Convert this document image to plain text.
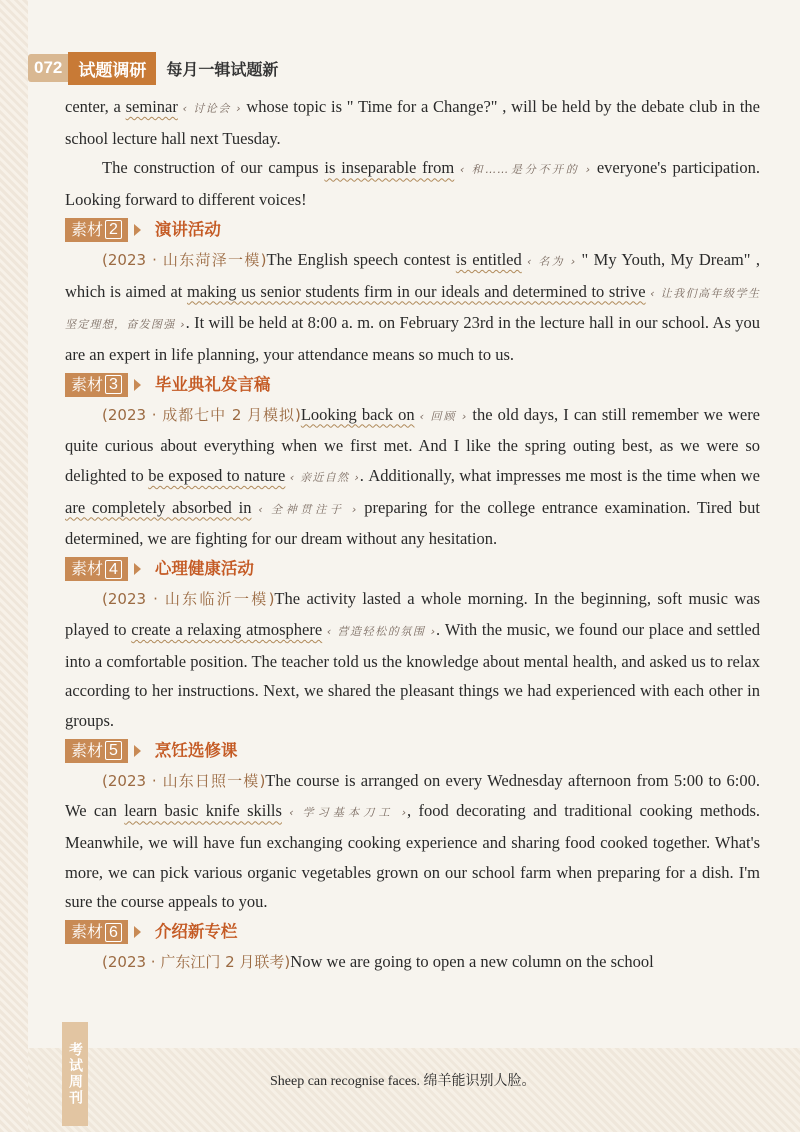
072 试题调研	每月一辑试题新

center, a seminar ‹ 讨论会 › whose topic is " Time for a Change?" , will be held by the debate club in the school lecture hall next Tuesday.

The construction of our campus is inseparable from ‹ 和……是分不开的 › everyone's participation. Looking forward to different voices!

素材 2 演讲活动

( 2023 · 山东菏泽一模 ) The English speech contest is entitled ‹ 名为 › " My Youth, My Dream" , which is aimed at making us senior students firm in our ideals and determined to strive ‹ 让我们高年级学生坚定理想，奋发图强 › . It will be held at 8:00 a. m. on February 23rd in the lecture hall in our school. As you are an expert in life planning, your attendance means so much to us.

素材 3 毕业典礼发言稿

( 2023 · 成都七中 2 月模拟 ) Looking back on ‹ 回顾 › the old days, I can still remember we were quite curious about everything when we first met. And I like the spring outing best, as we were so delighted to be exposed to nature ‹ 亲近自然 › . Additionally, what impresses me most is the time when we are completely absorbed in ‹ 全神贯注于 › preparing for the college entrance examination. Tired but determined, we are fighting for our dream without any hesitation.

素材 4 心理健康活动

( 2023 · 山东临沂一模 ) The activity lasted a whole morning. In the beginning, soft music was played to create a relaxing atmosphere ‹ 营造轻松的氛围 › . With the music, we found our place and settled into a comfortable position. The teacher told us the knowledge about mental health, and asked us to relax according to her instructions. Next, we shared the pleasant things we had experienced with each other in groups.

素材 5 烹饪选修课

( 2023 · 山东日照一模 ) The course is arranged on every Wednesday afternoon from 5:00 to 6:00. We can learn basic knife skills ‹ 学习基本刀工 › , food decorating and traditional cooking methods. Meanwhile, we will have fun exchanging cooking experience and sharing food cooked together. What's more, we can pick various organic vegetables grown on our school farm when preparing for a dish. I'm sure the course appeals to you.

素材 6 介绍新专栏

( 2023 · 广东江门 2 月联考 ) Now we are going to open a new column on the school

考试周刊	Sheep can recognise faces. 绵羊能识别人脸。
